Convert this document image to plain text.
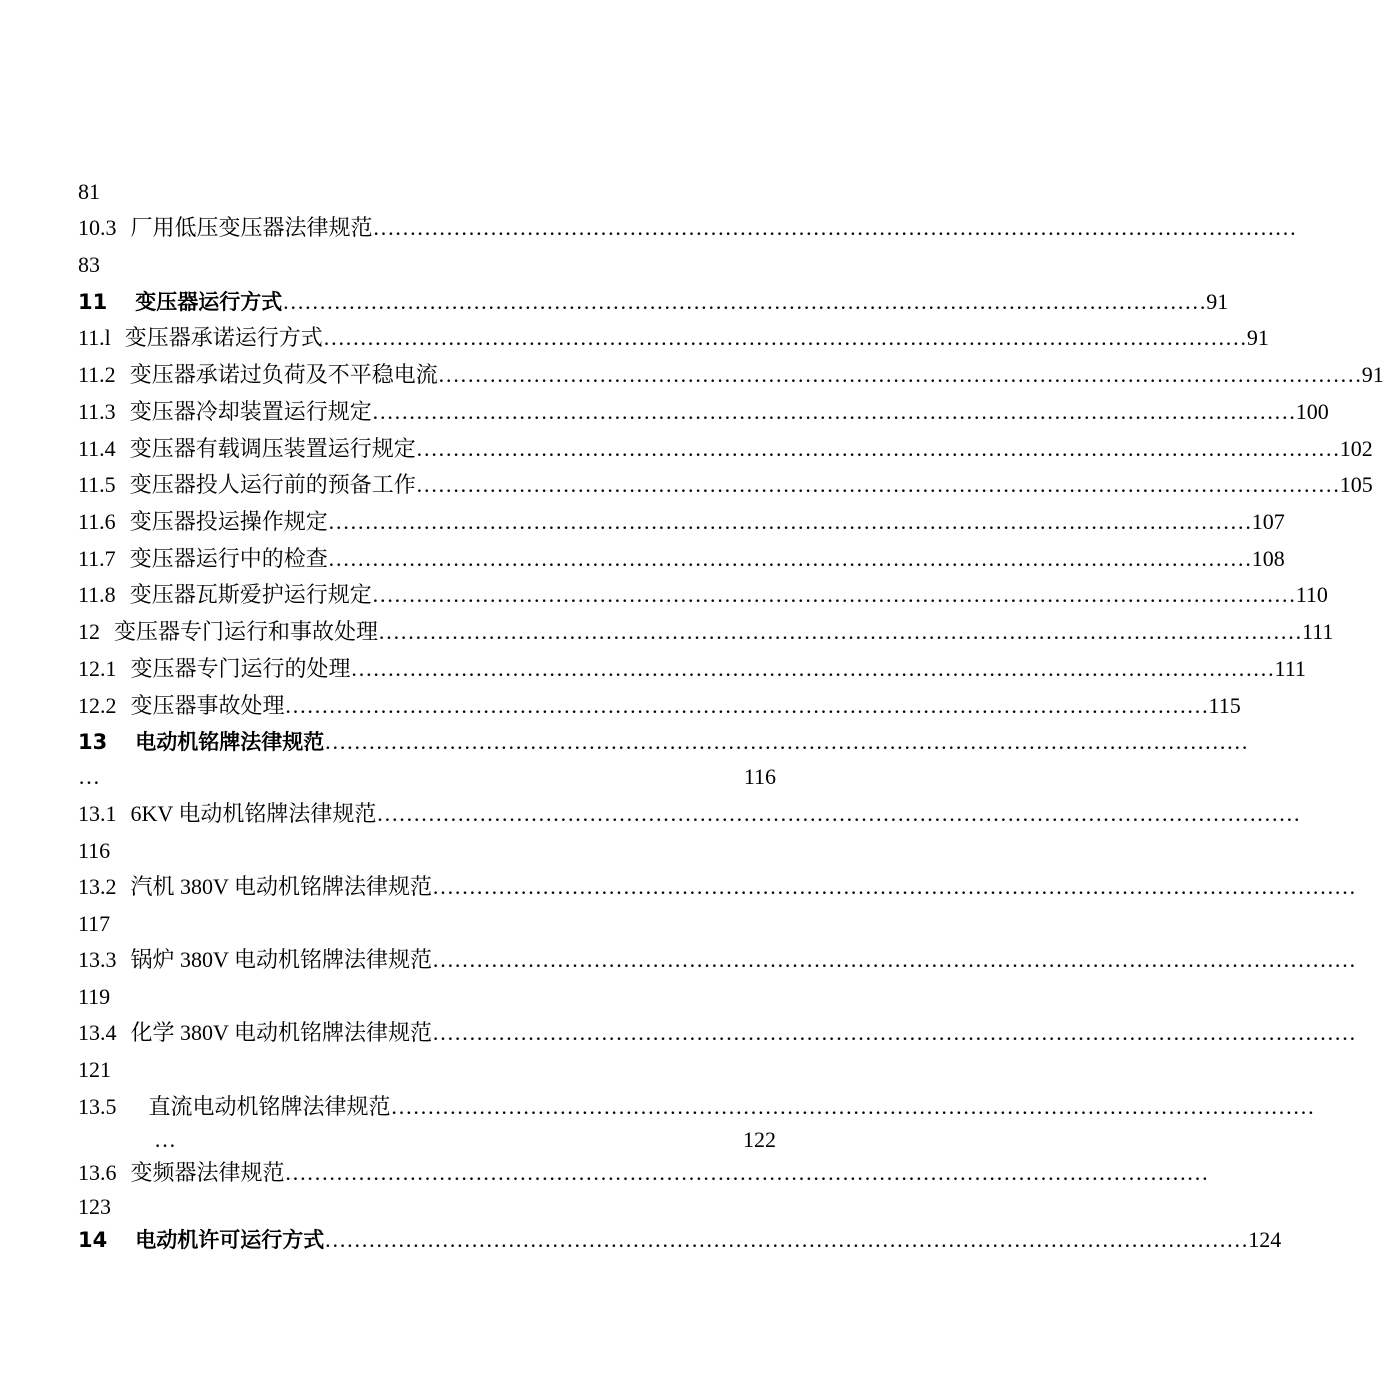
81
10.3 厂用低压变压器法律规范 ………………………………………………………………………………………………………………
83
11 变压器运行方式 ……………………………………………………………………………………………………………… 91
11.l 变压器承诺运行方式 ……………………………………………………………………………………………………………… 91
11.2 变压器承诺过负荷及不平稳电流 ……………………………………………………………………………………………………………… 91
11.3 变压器冷却装置运行规定 ……………………………………………………………………………………………………………… 100
11.4 变压器有载调压装置运行规定 ……………………………………………………………………………………………………………… 102
11.5 变压器投人运行前的预备工作 ……………………………………………………………………………………………………………… 105
11.6 变压器投运操作规定 ……………………………………………………………………………………………………………… 107
11.7 变压器运行中的检查 ……………………………………………………………………………………………………………… 108
11.8 变压器瓦斯爱护运行规定 ……………………………………………………………………………………………………………… 110
12 变压器专门运行和事故处理 ……………………………………………………………………………………………………………… 111
12.1 变压器专门运行的处理 ……………………………………………………………………………………………………………… 111
12.2 变压器事故处理 ……………………………………………………………………………………………………………… 115
13 电动机铭牌法律规范 ………………………………………………………………………………………………………………
…	116
13.1 6KV 电动机铭牌法律规范 ………………………………………………………………………………………………………………
116
13.2 汽机 380V 电动机铭牌法律规范 ………………………………………………………………………………………………………………
117
13.3 锅炉 380V 电动机铭牌法律规范 ………………………………………………………………………………………………………………
119
13.4 化学 380V 电动机铭牌法律规范 ………………………………………………………………………………………………………………
121
13.5 直流电动机铭牌法律规范 ………………………………………………………………………………………………………………
…	122
13.6 变频器法律规范 ………………………………………………………………………………………………………………
123
14 电动机许可运行方式 ……………………………………………………………………………………………………………… 124
